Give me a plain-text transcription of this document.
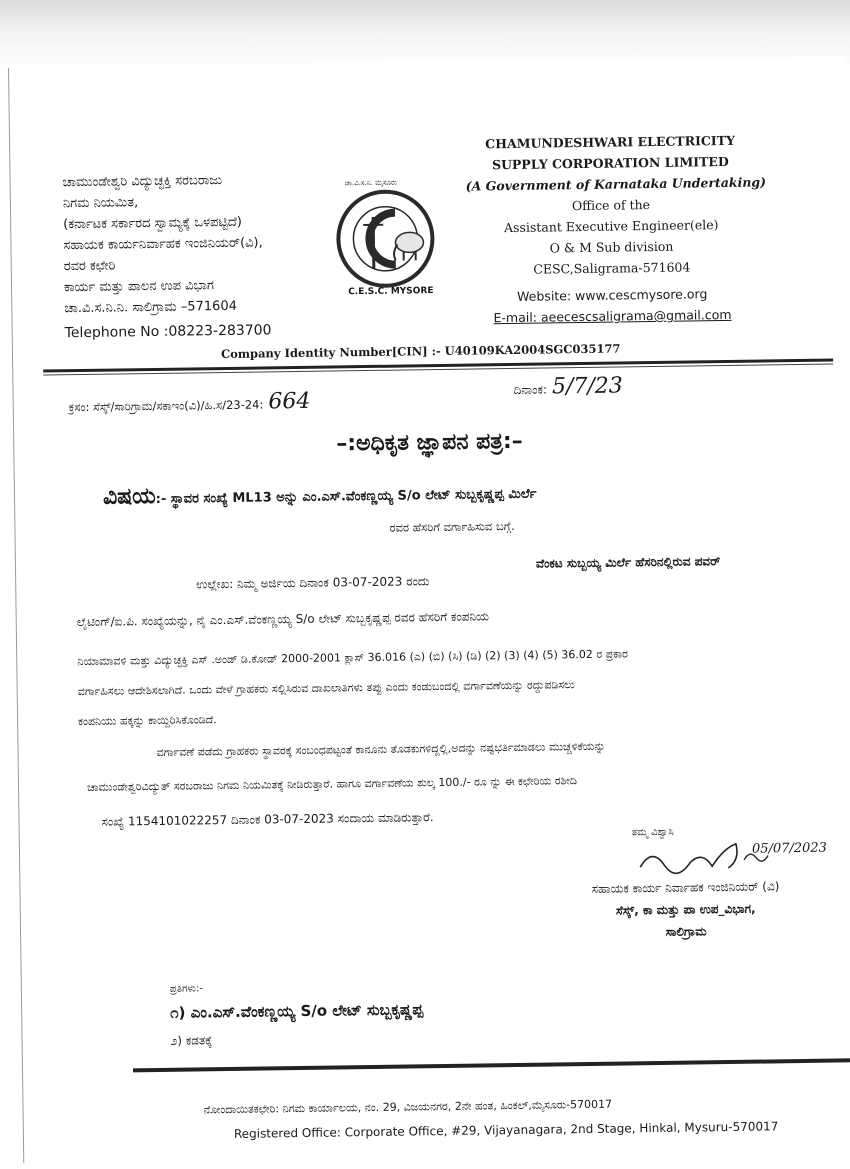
ಚಾಮುಂಡೇಶ್ವರಿ ವಿದ್ಯುಚ್ಛಕ್ತಿ ಸರಬರಾಜು
ನಿಗಮ ನಿಯಮಿತ,
(ಕರ್ನಾಟಕ ಸರ್ಕಾರದ ಸ್ವಾಮ್ಯಕ್ಕೆ ಒಳಪಟ್ಟಿದೆ)
ಸಹಾಯಕ ಕಾರ್ಯನಿರ್ವಾಹಕ ಇಂಜಿನಿಯರ್(ವಿ),
ರವರ ಕಛೇರಿ
ಕಾರ್ಯ ಮತ್ತು ಪಾಲನ ಉಪ ವಿಭಾಗ
ಚಾ.ವಿ.ಸ.ನಿ.ನಿ. ಸಾಲಿಗ್ರಾಮ –571604
Telephone No :08223-283700
ಚಾ.ವಿ.ಸ.ನಿ. ಮೈಸೂರು
C.E.S.C. MYSORE
CHAMUNDESHWARI ELECTRICITY
SUPPLY CORPORATION LIMITED
(A Government of Karnataka Undertaking)
Office of the
Assistant Executive Engineer(ele)
O & M Sub division
CESC,Saligrama-571604
Website: www.cescmysore.org
E-mail: aeecescsaligrama@gmail.com
Company Identity Number[CIN] :- U40109KA2004SGC035177
ಕ್ರಸಂ: ಸೆಸ್ಕ್/ಸಾರಿಗ್ರಾಮ/ಸಕಾಇಂ(ವಿ)/ಹಿ.ಸ/23-24: 664	ದಿನಾಂಕ: 5/7/23
–:ಅಧಿಕೃತ ಜ್ಞಾಪನ ಪತ್ರ:–
ವಿಷಯ:- ಸ್ಥಾವರ ಸಂಖ್ಯೆ ML13 ಅನ್ನು ಎಂ.ಎಸ್.ವೆಂಕಣ್ಣಯ್ಯ S/o ಲೇಟ್ ಸುಬ್ಬಕೃಷ್ಣಪ್ಪ ಮಿರ್ಲೆ
ರವರ ಹೆಸರಿಗೆ ವರ್ಗಾಹಿಸುವ ಬಗ್ಗೆ.
ವೆಂಕಟ ಸುಬ್ಬಯ್ಯ ಮಿರ್ಲೆ ಹೆಸರಿನಲ್ಲಿರುವ ಪವರ್
ಉಲ್ಲೇಖ: ನಿಮ್ಮ ಅರ್ಜಿಯ ದಿನಾಂಕ 03-07-2023 ರಂದು
ಲೈಟಿಂಗ್/ಐ.ಪಿ. ಸಂಖ್ಯೆಯನ್ನು, ನೈ ಎಂ.ಎಸ್.ವೆಂಕಣ್ಣಯ್ಯ S/o ಲೇಟ್ ಸುಬ್ಬಕೃಷ್ಣಪ್ಪ ರವರ ಹೆಸರಿಗೆ ಕಂಪನಿಯ
ನಿಯಾಮಾವಳಿ ಮತ್ತು ವಿದ್ಯುಚ್ಛಕ್ತಿ ಎಸ್ .ಅಂಡ್ ಡಿ.ಕೋಡ್ 2000-2001 ಕ್ಲಾಸ್ 36.016 (ಎ) (ಬಿ) (ಸಿ) (ಡಿ) (2) (3) (4) (5) 36.02 ರ ಪ್ರಕಾರ
ವರ್ಗಾಹಿಸಲು ಆದೇಶಿಸಲಾಗಿದೆ. ಒಂದು ವೇಳೆ ಗ್ರಾಹಕರು ಸಲ್ಲಿಸಿರುವ ದಾಖಲಾತಿಗಳು ತಪ್ಪು ಎಂದು ಕಂಡುಬಂದಲ್ಲಿ ವರ್ಗಾವಣೆಯನ್ನು ರದ್ದುಪಡಿಸಲು
ಕಂಪನಿಯು ಹಕ್ಕನ್ನು ಕಾಯ್ದಿರಿಸಿಕೊಂಡಿದೆ.
ವರ್ಗಾವಣೆ ಪಡೆದು ಗ್ರಾಹಕರು ಸ್ಥಾವರಕ್ಕೆ ಸಂಬಂಧಪಟ್ಟಂತೆ ಕಾನೂನು ತೊಡಕುಗಳಿದ್ದಲ್ಲಿ,ಅದನ್ನು ನಷ್ಟಭರ್ತಿಮಾಡಲು ಮುಚ್ಚಳಿಕೆಯನ್ನು
ಚಾಮುಂಡೇಶ್ವರಿವಿದ್ಯುತ್ ಸರಬರಾಜು ನಿಗಮ ನಿಯಮಿತಕ್ಕೆ ನೀಡಿರುತ್ತಾರೆ. ಹಾಗೂ ವರ್ಗಾವಣೆಯ ಶುಲ್ಕ 100./- ರೂ ನ್ನು ಈ ಕಛೇರಿಯ ರಶೀದಿ
ಸಂಖ್ಯೆ 1154101022257 ದಿನಾಂಕ 03-07-2023 ಸಂದಾಯ ಮಾಡಿರುತ್ತಾರೆ.
ತಮ್ಮ ವಿಶ್ವಾಸಿ
05/07/2023
ಸಹಾಯಕ ಕಾರ್ಯ ನಿರ್ವಾಹಕ ಇಂಜಿನಿಯರ್ (ವಿ)
ಸೆಸ್ಕ್, ಕಾ ಮತ್ತು ಪಾ ಉಪ_ವಿಭಾಗ,
ಸಾಲಿಗ್ರಾಮ
ಪ್ರತಿಗಳು:-
೧) ಎಂ.ಎಸ್.ವೆಂಕಣ್ಣಯ್ಯ S/o ಲೇಟ್ ಸುಬ್ಬಕೃಷ್ಣಪ್ಪ
೨) ಕಡತಕ್ಕೆ
ನೋಂದಾಯಿತಕಛೇರಿ: ನಿಗಮ ಕಾರ್ಯಾಲಯ, ನಂ. 29, ವಿಜಯನಗರ, 2ನೇ ಹಂತ, ಹಿಂಕಲ್,ಮೈಸೂರು-570017
Registered Office: Corporate Office, #29, Vijayanagara, 2nd Stage, Hinkal, Mysuru-570017
